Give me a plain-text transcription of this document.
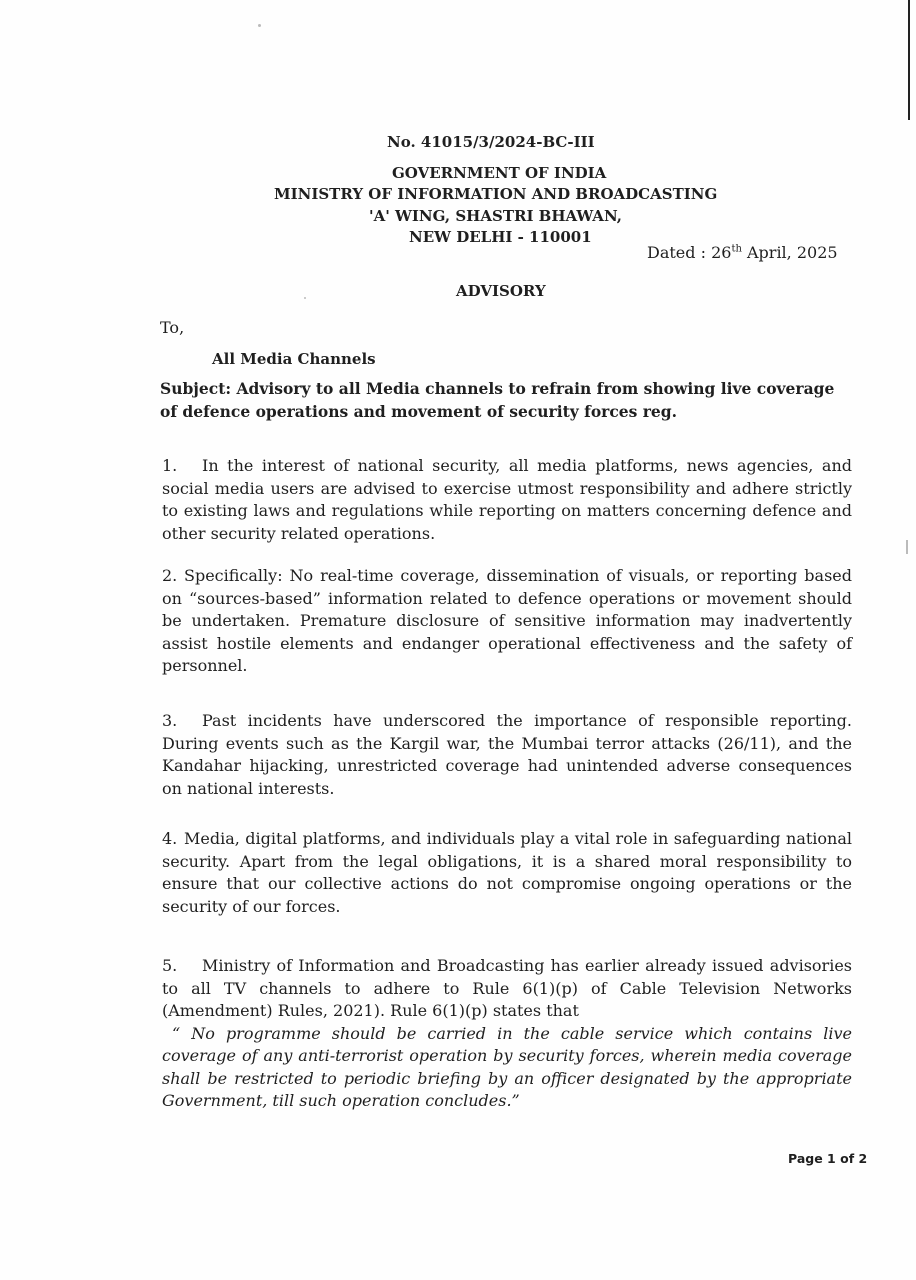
No. 41015/3/2024-BC-III
GOVERNMENT OF INDIA
MINISTRY OF INFORMATION AND BROADCASTING
'A' WING, SHASTRI BHAWAN,
NEW DELHI - 110001
Dated : 26th April, 2025
ADVISORY
To,
All Media Channels
Subject: Advisory to all Media channels to refrain from showing live coverage of defence operations and movement of security forces reg.
1. In the interest of national security, all media platforms, news agencies, and social media users are advised to exercise utmost responsibility and adhere strictly to existing laws and regulations while reporting on matters concerning defence and other security related operations.
2. Specifically: No real-time coverage, dissemination of visuals, or reporting based on “sources-based” information related to defence operations or movement should be undertaken. Premature disclosure of sensitive information may inadvertently assist hostile elements and endanger operational effectiveness and the safety of personnel.
3. Past incidents have underscored the importance of responsible reporting. During events such as the Kargil war, the Mumbai terror attacks (26/11), and the Kandahar hijacking, unrestricted coverage had unintended adverse consequences on national interests.
4. Media, digital platforms, and individuals play a vital role in safeguarding national security. Apart from the legal obligations, it is a shared moral responsibility to ensure that our collective actions do not compromise ongoing operations or the security of our forces.
5. Ministry of Information and Broadcasting has earlier already issued advisories to all TV channels to adhere to Rule 6(1)(p) of Cable Television Networks (Amendment) Rules, 2021). Rule 6(1)(p) states that
“ No programme should be carried in the cable service which contains live coverage of any anti-terrorist operation by security forces, wherein media coverage shall be restricted to periodic briefing by an officer designated by the appropriate Government, till such operation concludes.”
Page 1 of 2
